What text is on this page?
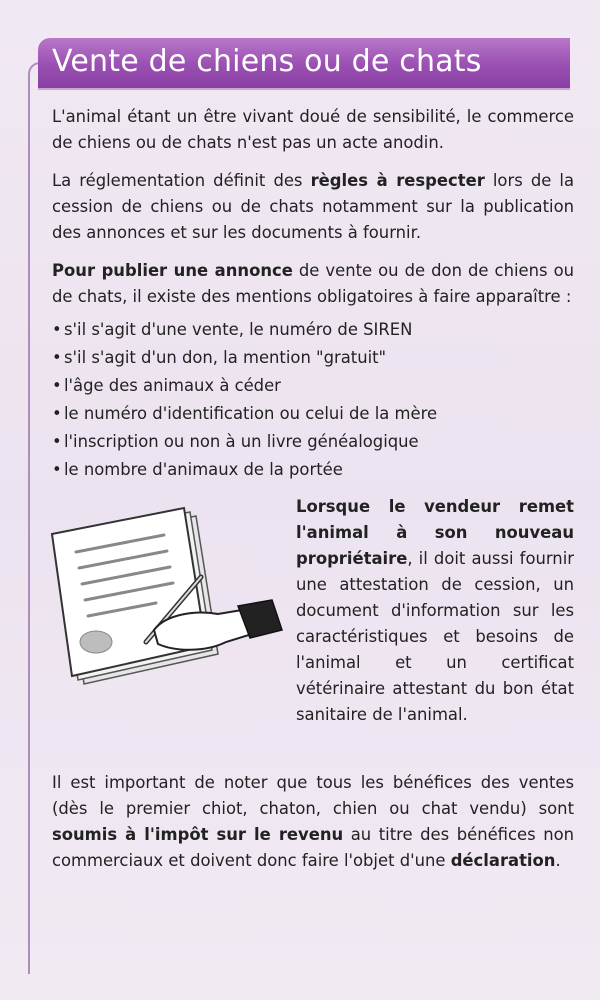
Vente de chiens ou de chats

L'animal étant un être vivant doué de sensibilité, le commerce de chiens ou de chats n'est pas un acte anodin.

La réglementation définit des règles à respecter lors de la cession de chiens ou de chats notamment sur la publication des annonces et sur les documents à fournir.

Pour publier une annonce de vente ou de don de chiens ou de chats, il existe des mentions obligatoires à faire apparaître :

• s'il s'agit d'une vente, le numéro de SIREN
• s'il s'agit d'un don, la mention "gratuit"
• l'âge des animaux à céder
• le numéro d'identification ou celui de la mère
• l'inscription ou non à un livre généalogique
• le nombre d'animaux de la portée
Lorsque le vendeur remet l'animal à son nouveau propriétaire, il doit aussi fournir une attestation de cession, un document d'information sur les caractéristiques et besoins de l'animal et un certificat vétérinaire attestant du bon état sanitaire de l'animal.

Il est important de noter que tous les bénéfices des ventes (dès le premier chiot, chaton, chien ou chat vendu) sont soumis à l'impôt sur le revenu au titre des bénéfices non commerciaux et doivent donc faire l'objet d'une déclaration.
